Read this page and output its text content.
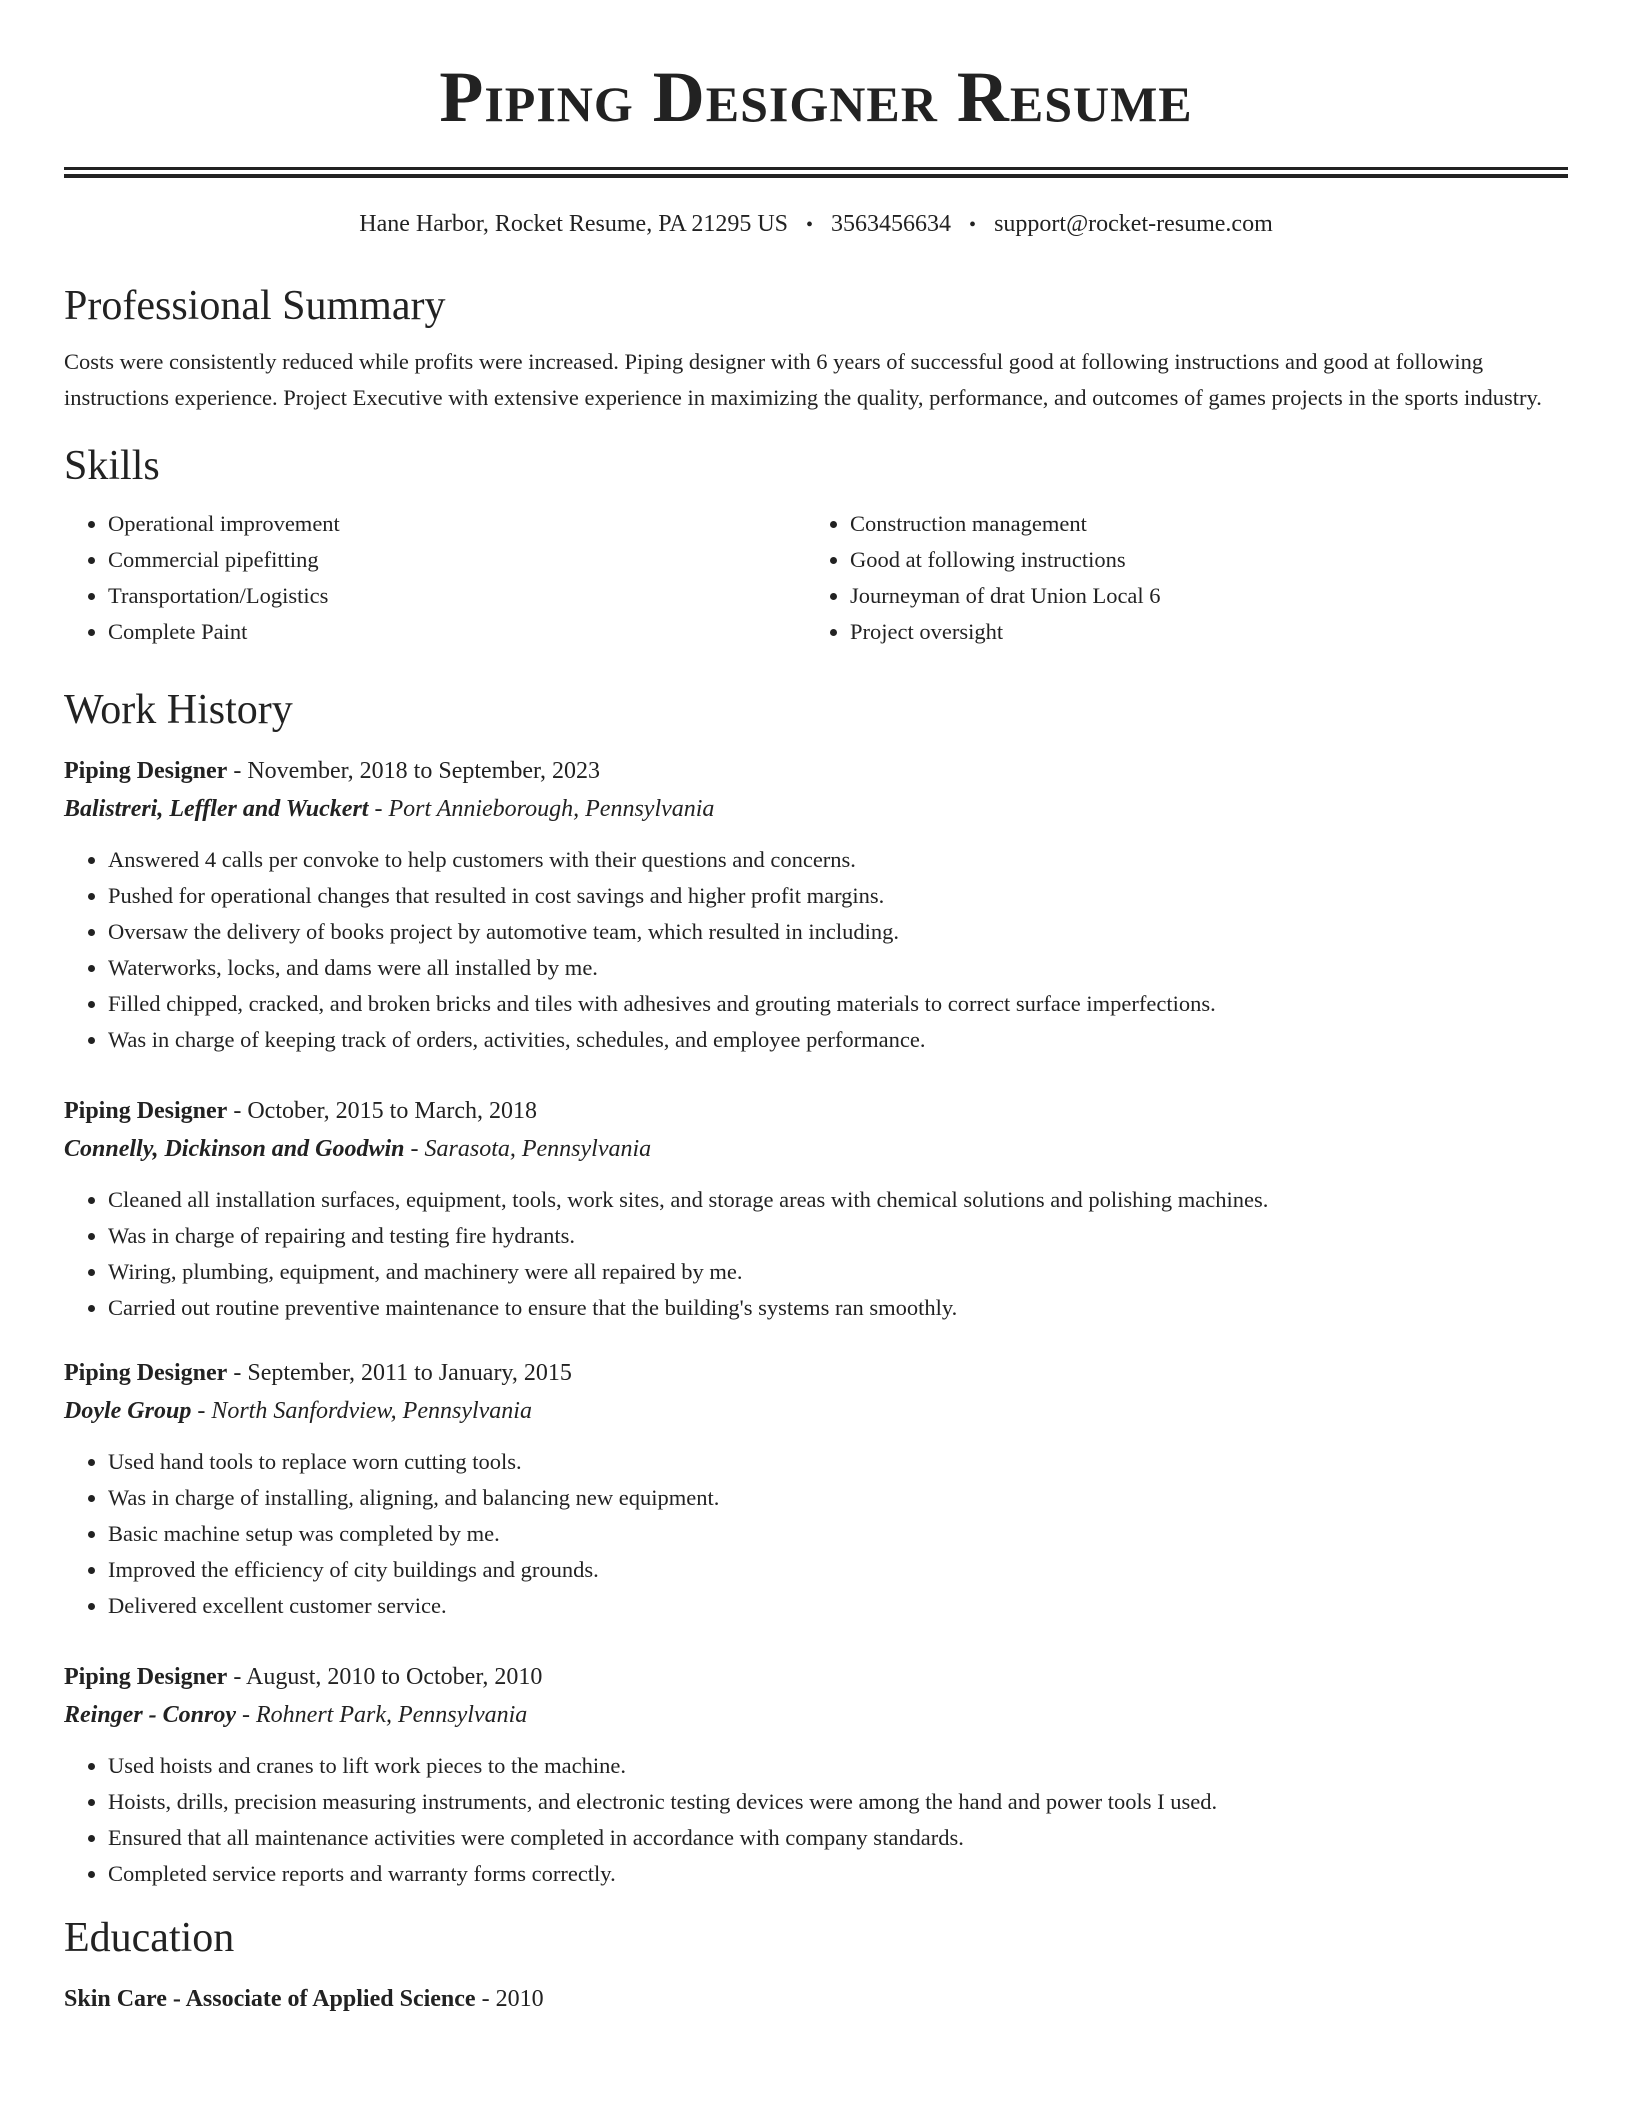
Piping Designer Resume
Hane Harbor, Rocket Resume, PA 21295 US • 3563456634 • support@rocket-resume.com
Professional Summary

Costs were consistently reduced while profits were increased. Piping designer with 6 years of successful good at following instructions and good at following instructions experience. Project Executive with extensive experience in maximizing the quality, performance, and outcomes of games projects in the sports industry.

Skills
• Operational improvement
• Commercial pipefitting
• Transportation/Logistics
• Complete Paint
• Construction management
• Good at following instructions
• Journeyman of drat Union Local 6
• Project oversight
Work History
Piping Designer - November, 2018 to September, 2023
Balistreri, Leffler and Wuckert - Port Annieborough, Pennsylvania
• Answered 4 calls per convoke to help customers with their questions and concerns.
• Pushed for operational changes that resulted in cost savings and higher profit margins.
• Oversaw the delivery of books project by automotive team, which resulted in including.
• Waterworks, locks, and dams were all installed by me.
• Filled chipped, cracked, and broken bricks and tiles with adhesives and grouting materials to correct surface imperfections.
• Was in charge of keeping track of orders, activities, schedules, and employee performance.
Piping Designer - October, 2015 to March, 2018
Connelly, Dickinson and Goodwin - Sarasota, Pennsylvania
• Cleaned all installation surfaces, equipment, tools, work sites, and storage areas with chemical solutions and polishing machines.
• Was in charge of repairing and testing fire hydrants.
• Wiring, plumbing, equipment, and machinery were all repaired by me.
• Carried out routine preventive maintenance to ensure that the building's systems ran smoothly.
Piping Designer - September, 2011 to January, 2015
Doyle Group - North Sanfordview, Pennsylvania
• Used hand tools to replace worn cutting tools.
• Was in charge of installing, aligning, and balancing new equipment.
• Basic machine setup was completed by me.
• Improved the efficiency of city buildings and grounds.
• Delivered excellent customer service.
Piping Designer - August, 2010 to October, 2010
Reinger - Conroy - Rohnert Park, Pennsylvania
• Used hoists and cranes to lift work pieces to the machine.
• Hoists, drills, precision measuring instruments, and electronic testing devices were among the hand and power tools I used.
• Ensured that all maintenance activities were completed in accordance with company standards.
• Completed service reports and warranty forms correctly.
Education
Skin Care - Associate of Applied Science - 2010
